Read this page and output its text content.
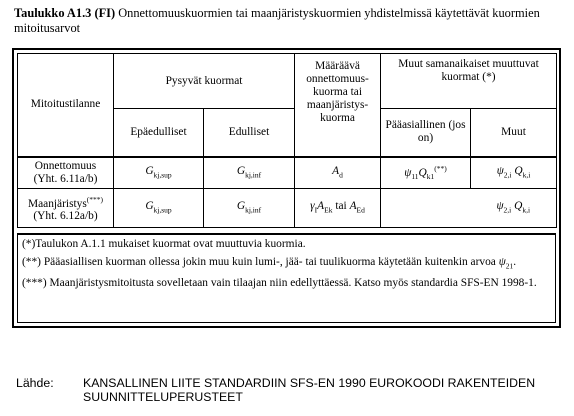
Taulukko A1.3 (FI) Onnettomuuskuormien tai maanjäristyskuormien yhdistelmissä käytettävät kuormien mitoitusarvot
Mitoitustilanne	Pysyvät kuormat		Määräävä onnettomuus-kuorma tai maanjäristys-kuorma	Muut samanaikaiset muuttuvat kuormat (*)	
	Epäedulliset	Edulliset		Pääasiallinen (jos on)	Muut
Onnettomuus
(Yht. 6.11a/b)	$G_{kj,sup}$	$G_{kj,inf}$	$A_d$	$\psi_{11}Q_{k1}^{(**)}$	$\psi_{2,i}$ $Q_{k,i}$
Maanjäristys(***)
(Yht. 6.12a/b)	$G_{kj,sup}$	$G_{kj,inf}$	$\gamma_IA_{Ek}$ tai $A_{Ed}$		$\psi_{2,i}$ $Q_{k,i}$

(*)Taulukon A.1.1 mukaiset kuormat ovat muuttuvia kuormia.

(**) Pääasiallisen kuorman ollessa jokin muu kuin lumi-, jää- tai tuulikuorma käytetään kuitenkin arvoa $\psi_{21}$.

(***) Maanjäristysmitoitusta sovelletaan vain tilaajan niin edellyttäessä. Katso myös standardia SFS-EN 1998-1.

Lähde: KANSALLINEN LIITE STANDARDIIN SFS-EN 1990 EUROKOODI RAKENTEIDEN SUUNNITTELUPERUSTEET
